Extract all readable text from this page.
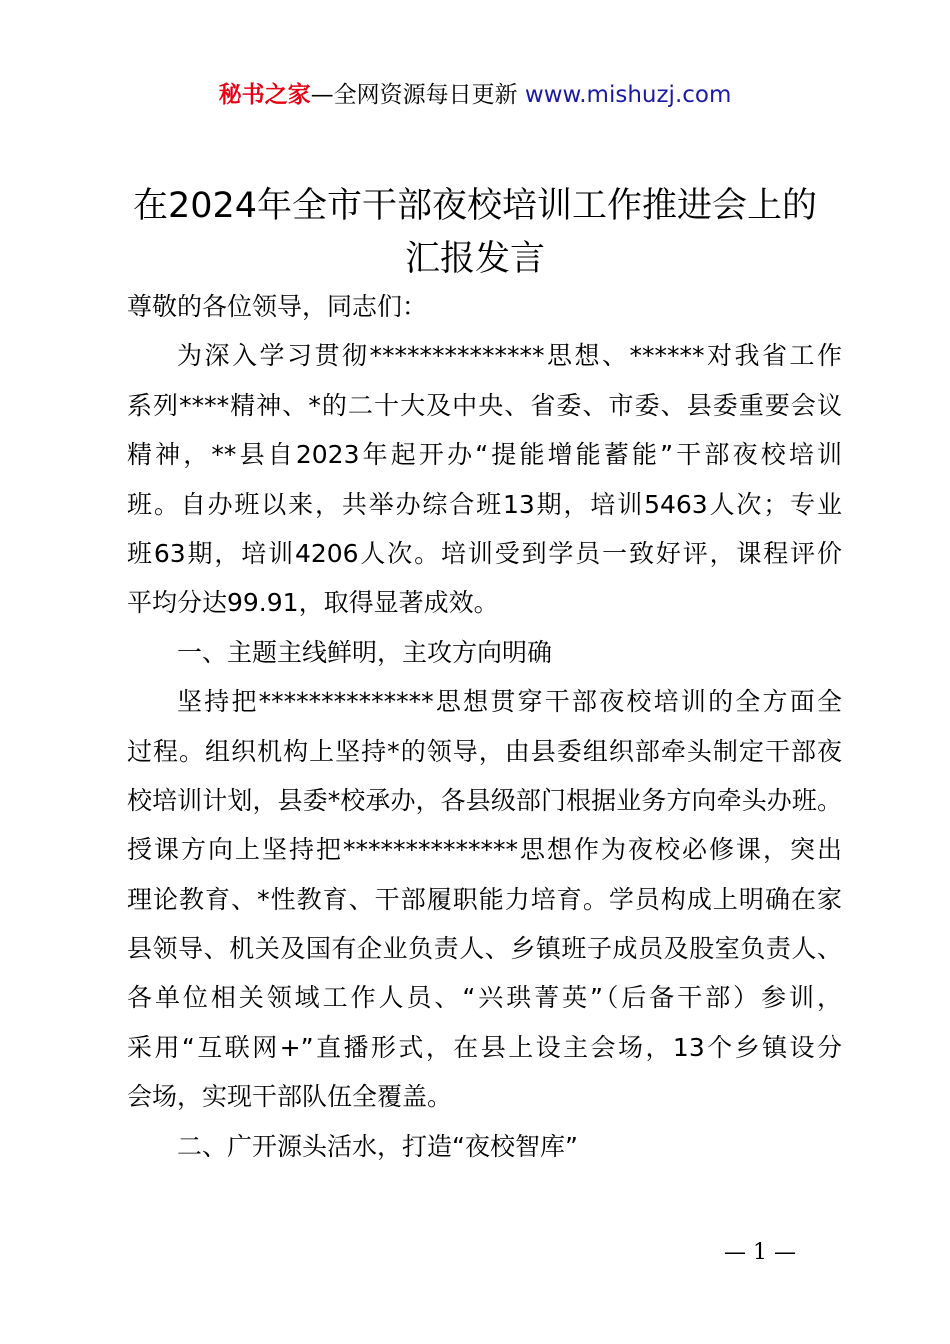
秘书之家—全网资源每日更新 www.mishuzj.com
在2024年全市干部夜校培训工作推进会上的
汇报发言
尊敬的各位领导，同志们：
为深入学习贯彻**************思想、******对我省工作
系列****精神、*的二十大及中央、省委、市委、县委重要会议
精神，**县自2023年起开办“提能增能蓄能”干部夜校培训
班。自办班以来，共举办综合班13期，培训5463人次；专业
班63期，培训4206人次。培训受到学员一致好评，课程评价
平均分达99.91，取得显著成效。
一、主题主线鲜明，主攻方向明确
坚持把**************思想贯穿干部夜校培训的全方面全
过程。组织机构上坚持*的领导，由县委组织部牵头制定干部夜
校培训计划，县委*校承办，各县级部门根据业务方向牵头办班。
授课方向上坚持把**************思想作为夜校必修课，突出
理论教育、*性教育、干部履职能力培育。学员构成上明确在家
县领导、机关及国有企业负责人、乡镇班子成员及股室负责人、
各单位相关领域工作人员、“兴珙菁英”（后备干部）参训，
采用“互联网+”直播形式，在县上设主会场，13个乡镇设分
会场，实现干部队伍全覆盖。
二、广开源头活水，打造“夜校智库”
— 1 —
